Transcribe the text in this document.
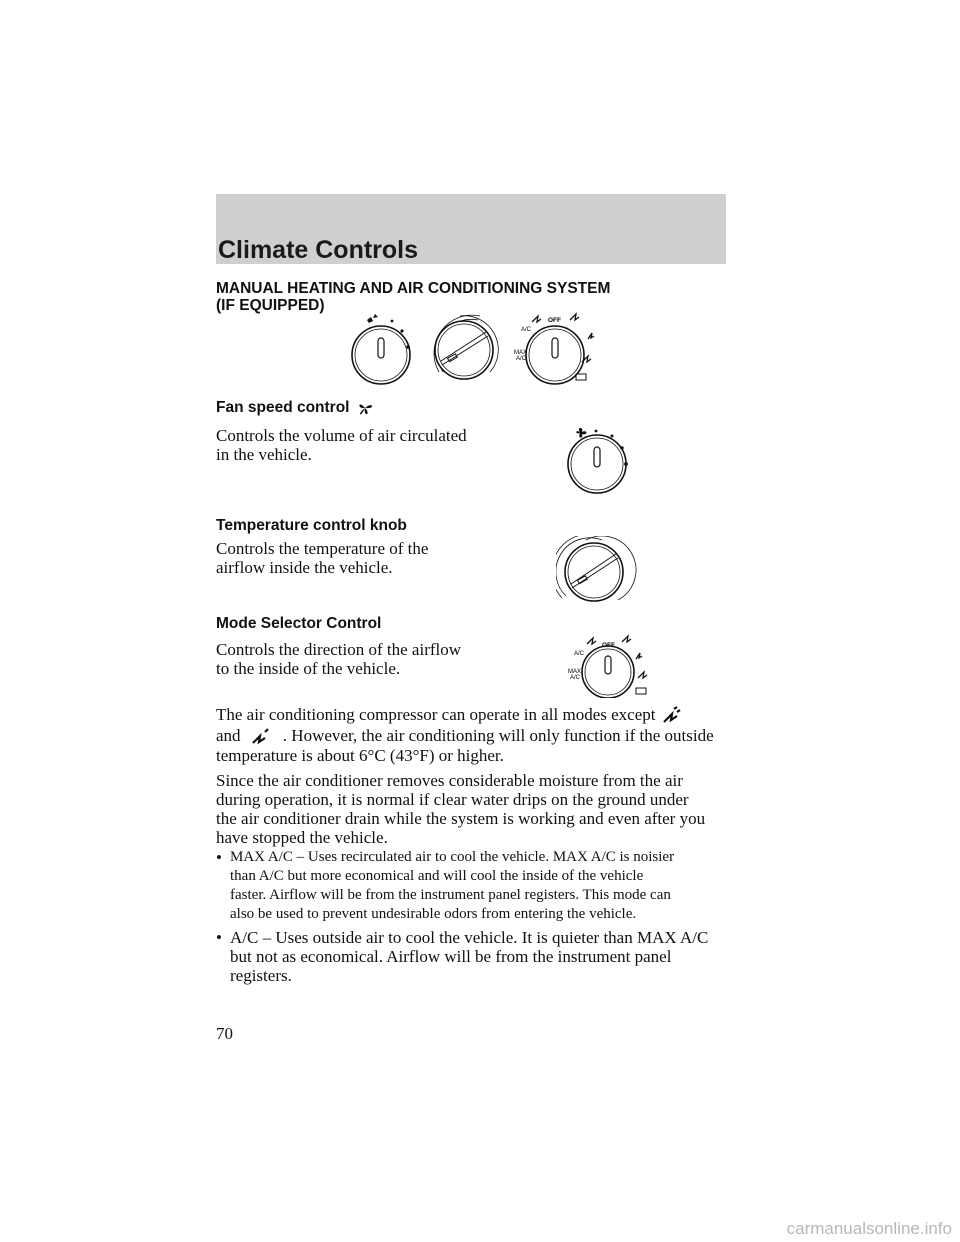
Climate Controls
MANUAL HEATING AND AIR CONDITIONING SYSTEM
(IF EQUIPPED)
OFF
A/C
MAX
A/C
Fan speed control
Controls the volume of air circulated
in the vehicle.
Temperature control knob
Controls the temperature of the
airflow inside the vehicle.
Mode Selector Control
Controls the direction of the airflow
to the inside of the vehicle.
OFF
A/C
MAX
A/C
The air conditioning compressor can operate in all modes except
and . However, the air conditioning will only function if the outside
temperature is about 6°C (43°F) or higher.
Since the air conditioner removes considerable moisture from the air
during operation, it is normal if clear water drips on the ground under
the air conditioner drain while the system is working and even after you
have stopped the vehicle.
• MAX A/C – Uses recirculated air to cool the vehicle. MAX A/C is noisier
than A/C but more economical and will cool the inside of the vehicle
faster. Airflow will be from the instrument panel registers. This mode can
also be used to prevent undesirable odors from entering the vehicle.
• A/C – Uses outside air to cool the vehicle. It is quieter than MAX A/C
but not as economical. Airflow will be from the instrument panel
registers.
70
carmanualsonline.info
